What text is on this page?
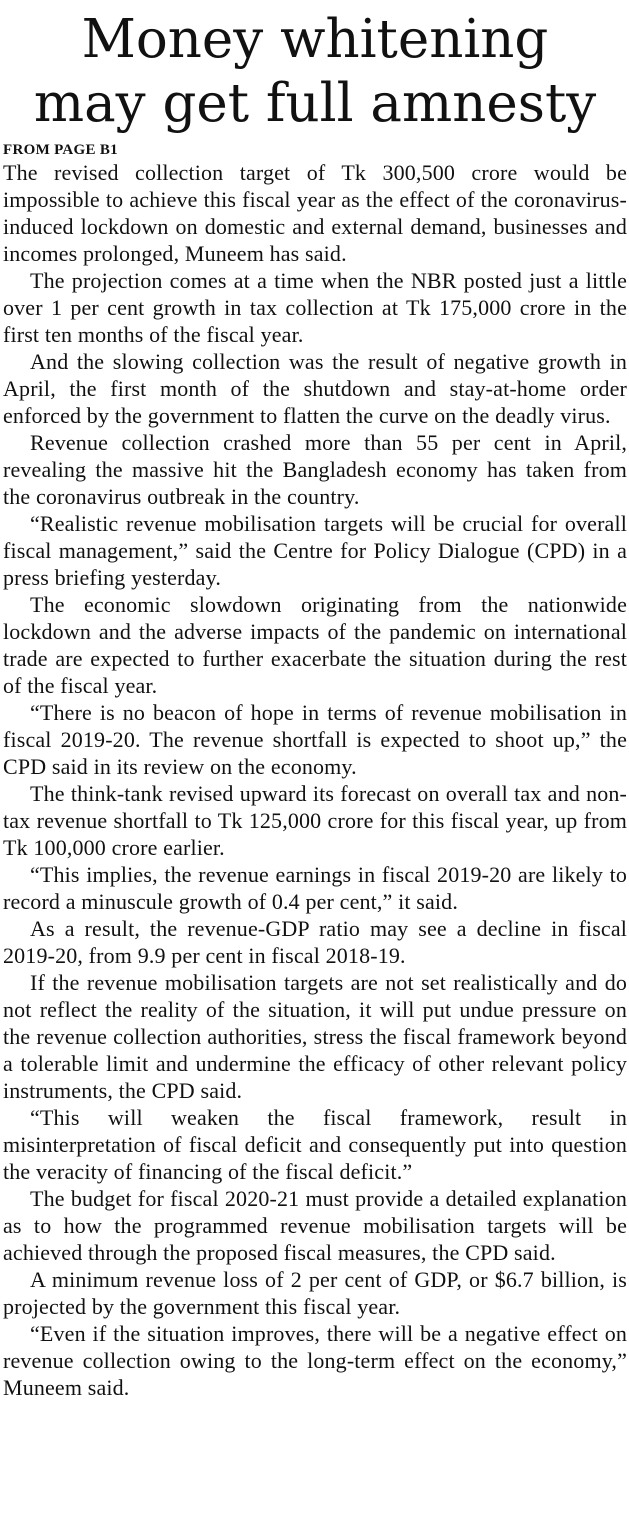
Money whitening
may get full amnesty
FROM PAGE B1

The revised collection target of Tk 300,500 crore would be impossible to achieve this fiscal year as the effect of the coronavirus-induced lockdown on domestic and external demand, businesses and incomes prolonged, Muneem has said.

The projection comes at a time when the NBR posted just a little over 1 per cent growth in tax collection at Tk 175,000 crore in the first ten months of the fiscal year.

And the slowing collection was the result of negative growth in April, the first month of the shutdown and stay-at-home order enforced by the government to flatten the curve on the deadly virus.

Revenue collection crashed more than 55 per cent in April, revealing the massive hit the Bangladesh economy has taken from the coronavirus outbreak in the country.

“Realistic revenue mobilisation targets will be crucial for overall fiscal management,” said the Centre for Policy Dialogue (CPD) in a press briefing yesterday.

The economic slowdown originating from the nationwide lockdown and the adverse impacts of the pandemic on international trade are expected to further exacerbate the situation during the rest of the fiscal year.

“There is no beacon of hope in terms of revenue mobilisation in fiscal 2019-20. The revenue shortfall is expected to shoot up,” the CPD said in its review on the economy.

The think-tank revised upward its forecast on overall tax and non-tax revenue shortfall to Tk 125,000 crore for this fiscal year, up from Tk 100,000 crore earlier.

“This implies, the revenue earnings in fiscal 2019-20 are likely to record a minuscule growth of 0.4 per cent,” it said.

As a result, the revenue-GDP ratio may see a decline in fiscal 2019-20, from 9.9 per cent in fiscal 2018-19.

If the revenue mobilisation targets are not set realistically and do not reflect the reality of the situation, it will put undue pressure on the revenue collection authorities, stress the fiscal framework beyond a tolerable limit and undermine the efficacy of other relevant policy instruments, the CPD said.

“This will weaken the fiscal framework, result in misinterpretation of fiscal deficit and consequently put into question the veracity of financing of the fiscal deficit.”

The budget for fiscal 2020-21 must provide a detailed explanation as to how the programmed revenue mobilisation targets will be achieved through the proposed fiscal measures, the CPD said.

A minimum revenue loss of 2 per cent of GDP, or $6.7 billion, is projected by the government this fiscal year.

“Even if the situation improves, there will be a negative effect on revenue collection owing to the long-term effect on the economy,” Muneem said.
